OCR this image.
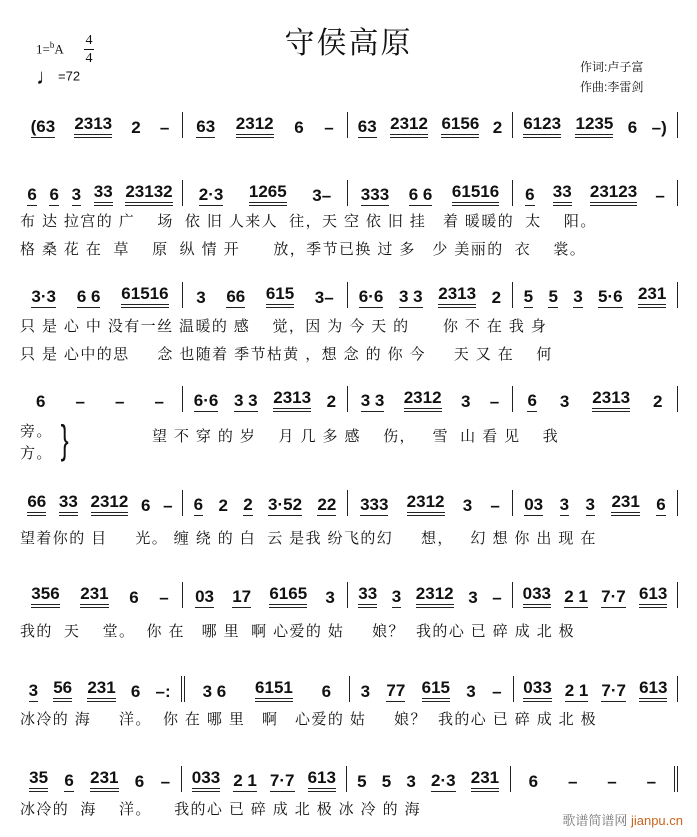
守侯高原
1=$^b$A
4
4
♩=72
作词:卢子富
作曲:李雷剑
(63 2313 2 – 63 2312 6 – 63 2312 6156 2 6123 1235 6 –)
6 6 3 33 23132 2·3 1265 3– 333 6 6 61516 6 33 23123 –
3·3 6 6 61516 3 66 615 3– 6·6 3 3 2313 2 5 5 3 5·6 231
6 – – – 6·6 3 3 2313 2 3 3 2312 3 – 6 3 2313 2
66 33 2312 6 – 6 2 2 3·52 22 333 2312 3 – 03 3 3 231 6
356 231 6 – 03 17 6165 3 33 3 2312 3 – 033 2 1 7·7 613
3 56 231 6 –: 3 6 6151 6 3 77 615 3 – 033 2 1 7·7 613
35 6 231 6 – 033 2 1 7·7 613 5 5 3 2·3 231 6 – – –
布 达 拉宫的 广    场  依 旧 人来人  往，天 空 依 旧 挂   着 暖暖的  太    阳。
格 桑 花 在  草    原  纵 情 开      放，季节已换 过 多   少 美丽的  衣    裳。
只 是 心 中 没有一丝 温暖的 感    觉，因 为 今 天 的      你 不 在 我 身
只 是 心中的思     念 也随着 季节枯黄 ，想 念 的 你 今     天 又 在    何
旁。
方。 }	望 不 穿 的 岁    月 几 多 感    伤，   雪  山 看 见    我
望着你的 目     光。 缠 绕 的 白  云 是我 纷飞的幻     想，   幻 想 你 出 现 在
我的  天    堂。  你 在   哪 里  啊 心爱的 姑     娘？  我的心 已 碎 成 北 极
冰冷的 海     洋。  你 在 哪 里   啊   心爱的 姑     娘？  我的心 已 碎 成 北 极
冰冷的  海    洋。    我的心 已 碎 成 北 极 冰 冷 的 海
歌谱简谱网 jianpu.cn
